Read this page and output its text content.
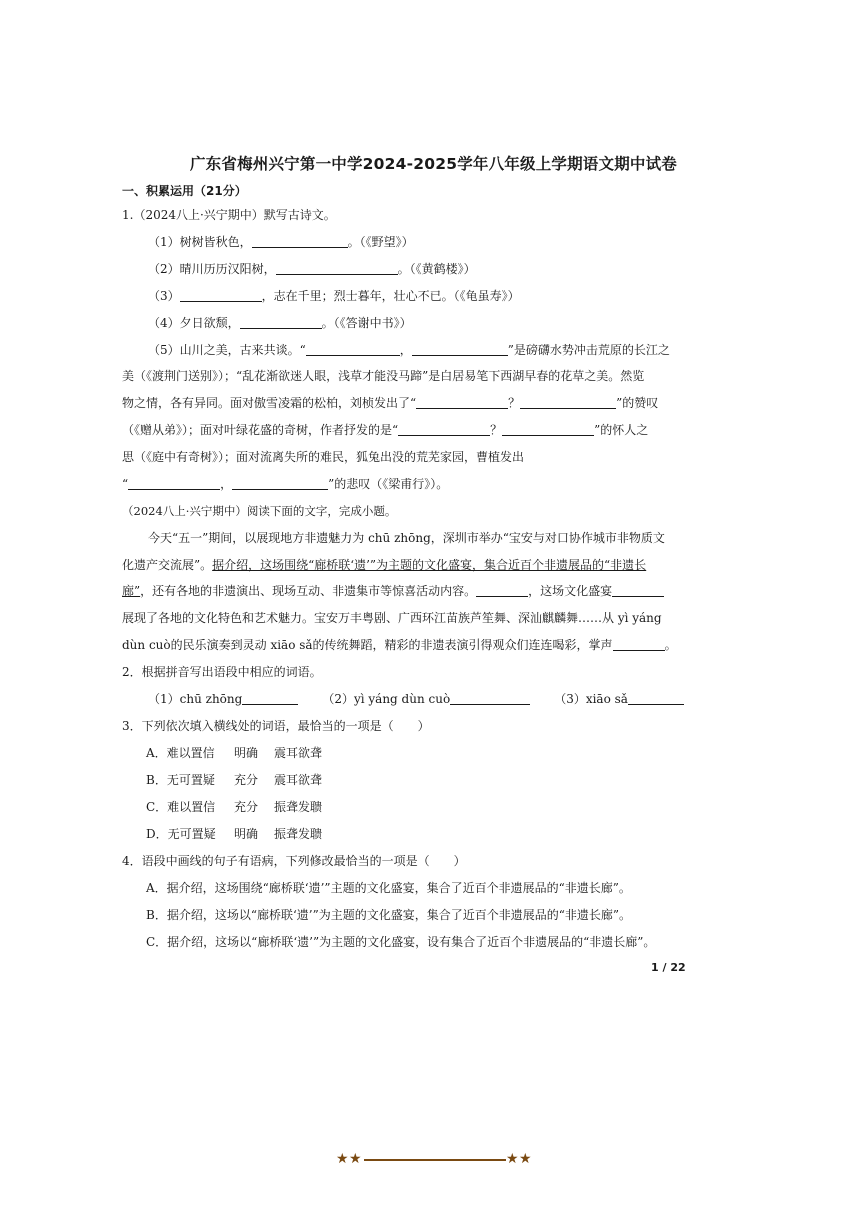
广东省梅州兴宁第一中学2024-2025学年八年级上学期语文期中试卷
一、积累运用（21分）
1.（2024八上·兴宁期中）默写古诗文。
（1）树树皆秋色，	。（《野望》）
（2）晴川历历汉阳树，	。（《黄鹤楼》）
（3）	，志在千里；烈士暮年，壮心不已。（《龟虽寿》）
（4）夕日欲颓，	。（《答谢中书》）
（5）山川之美，古来共谈。“	，	”是磅礴水势冲击荒原的长江之
美（《渡荆门送别》）；“乱花渐欲迷人眼，浅草才能没马蹄”是白居易笔下西湖早春的花草之美。然览
物之情，各有异同。面对傲雪凌霜的松柏，刘桢发出了“	？	”的赞叹
（《赠从弟》）；面对叶绿花盛的奇树，作者抒发的是“	？	”的怀人之
思（《庭中有奇树》）；面对流离失所的难民，狐兔出没的荒芜家园，曹植发出
“	，	”的悲叹（《梁甫行》）。
（2024八上·兴宁期中）阅读下面的文字，完成小题。
今天“五一”期间，以展现地方非遗魅力为 chū zhōng，深圳市举办“宝安与对口协作城市非物质文
化遗产交流展”。据介绍，这场围绕“廊桥联‘遗’”为主题的文化盛宴，集合近百个非遗展品的“非遗长
廊”，还有各地的非遗演出、现场互动、非遗集市等惊喜活动内容。	，这场文化盛宴
展现了各地的文化特色和艺术魅力。宝安万丰粤剧、广西环江苗族芦笙舞、深汕麒麟舞……从 yì yáng
dùn cuò的民乐演奏到灵动 xiāo sǎ的传统舞蹈，精彩的非遗表演引得观众们连连喝彩，掌声	。
2．根据拼音写出语段中相应的词语。
（1）chū zhōng	（2）yì yáng dùn cuò	（3）xiāo sǎ
3．下列依次填入横线处的词语，最恰当的一项是（　　）
A．难以置信 明确 震耳欲聋
B．无可置疑 充分 震耳欲聋
C．难以置信 充分 振聋发聩
D．无可置疑 明确 振聋发聩
4．语段中画线的句子有语病，下列修改最恰当的一项是（　　）
A．据介绍，这场围绕“廊桥联‘遗’”主题的文化盛宴，集合了近百个非遗展品的“非遗长廊”。
B．据介绍，这场以“廊桥联‘遗’”为主题的文化盛宴，集合了近百个非遗展品的“非遗长廊”。
C．据介绍，这场以“廊桥联‘遗’”为主题的文化盛宴，设有集合了近百个非遗展品的“非遗长廊”。
1 / 22
★ ★	★ ★
